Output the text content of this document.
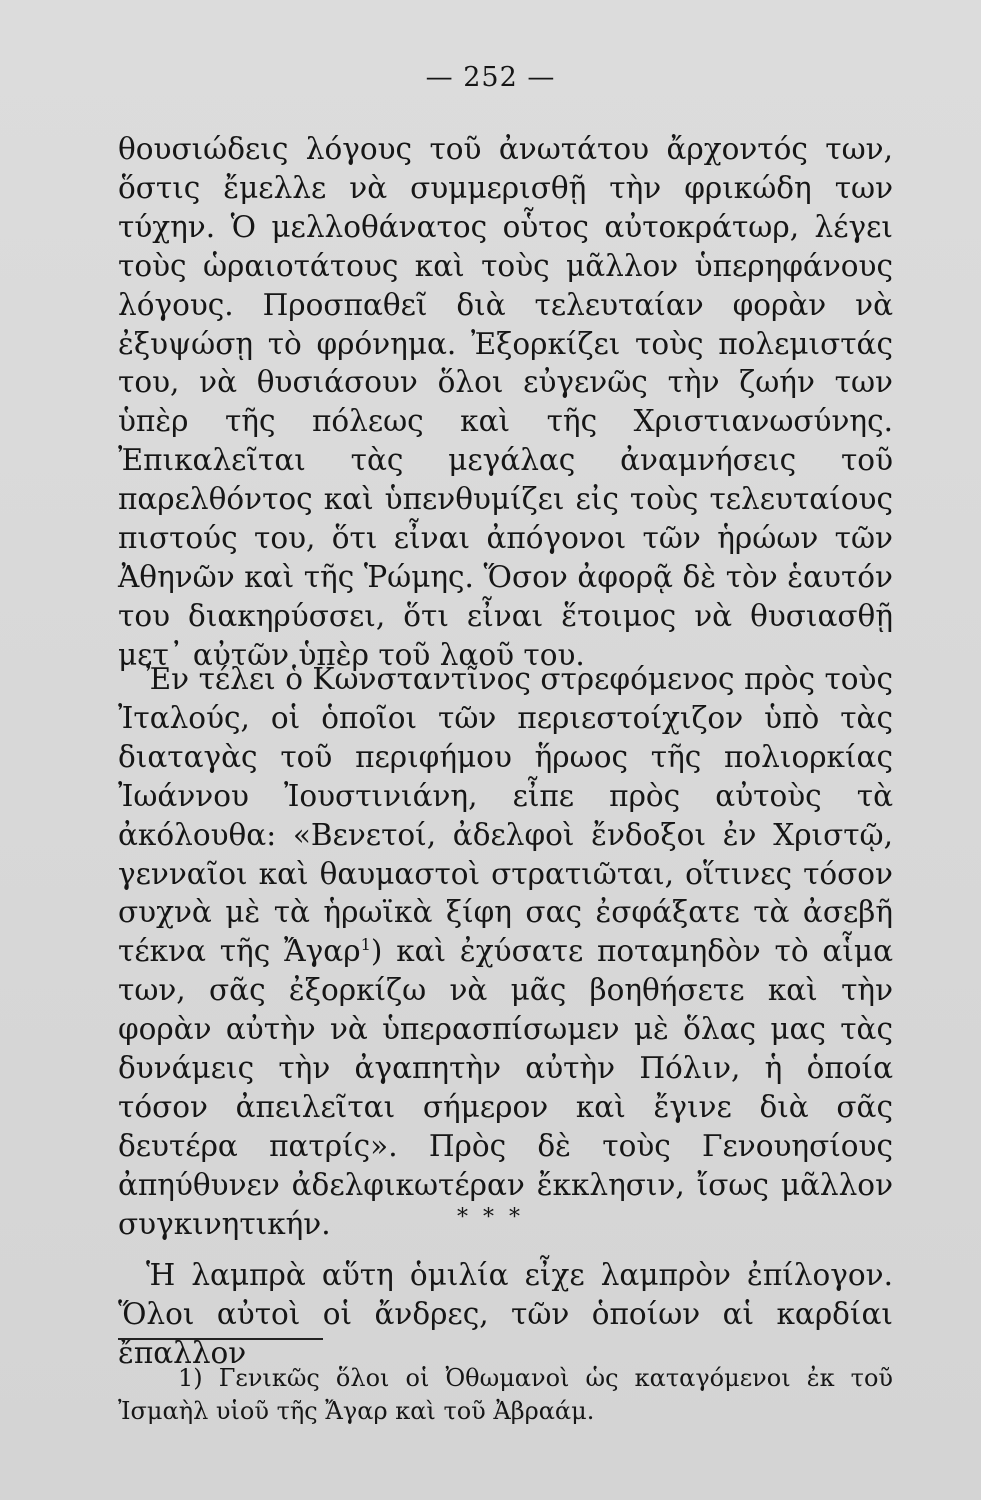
— 252 —

θουσιώδεις λόγους τοῦ ἀνωτάτου ἄρχοντός των, ὅστις ἔμελλε νὰ συμμερισθῇ τὴν φρικώδη των τύχην. Ὁ μελλοθάνατος οὗτος αὐτοκράτωρ, λέγει τοὺς ὡραιοτάτους καὶ τοὺς μᾶλλον ὑπερηφάνους λόγους. Προσπαθεῖ διὰ τελευταίαν φορὰν νὰ ἐξυψώσῃ τὸ φρόνημα. Ἐξορκίζει τοὺς πολεμιστάς του, νὰ θυσιάσουν ὅλοι εὐγενῶς τὴν ζωήν των ὑπὲρ τῆς πόλεως καὶ τῆς Χριστιανωσύνης. Ἐπικαλεῖται τὰς μεγάλας ἀναμνήσεις τοῦ παρελθόντος καὶ ὑπενθυμίζει εἰς τοὺς τελευταίους πιστούς του, ὅτι εἶναι ἀπόγονοι τῶν ἡρώων τῶν Ἀθηνῶν καὶ τῆς Ῥώμης. Ὅσον ἀφορᾷ δὲ τὸν ἑαυτόν του διακηρύσσει, ὅτι εἶναι ἕτοιμος νὰ θυσιασθῇ μετ᾽ αὐτῶν ὑπὲρ τοῦ λαοῦ του.

Ἐν τέλει ὁ Κωνσταντῖνος στρεφόμενος πρὸς τοὺς Ἰταλούς, οἱ ὁποῖοι τῶν περιεστοίχιζον ὑπὸ τὰς διαταγὰς τοῦ περιφήμου ἥρωος τῆς πολιορκίας Ἰωάννου Ἰουστινιάνη, εἶπε πρὸς αὐτοὺς τὰ ἀκόλουθα: «Βενετοί, ἀδελφοὶ ἔνδοξοι ἐν Χριστῷ, γενναῖοι καὶ θαυμαστοὶ στρατιῶται, οἵτινες τόσον συχνὰ μὲ τὰ ἡρωϊκὰ ξίφη σας ἐσφάξατε τὰ ἀσεβῆ τέκνα τῆς Ἄγαρ$^1$) καὶ ἐχύσατε ποταμηδὸν τὸ αἷμα των, σᾶς ἐξορκίζω νὰ μᾶς βοηθήσετε καὶ τὴν φορὰν αὐτὴν νὰ ὑπερασπίσωμεν μὲ ὅλας μας τὰς δυνάμεις τὴν ἀγαπητὴν αὐτὴν Πόλιν, ἡ ὁποία τόσον ἀπειλεῖται σήμερον καὶ ἔγινε διὰ σᾶς δευτέρα πατρίς». Πρὸς δὲ τοὺς Γενουησίους ἀπηύθυνεν ἀδελφικωτέραν ἔκκλησιν, ἴσως μᾶλλον συγκινητικήν.	* * *

Ἡ λαμπρὰ αὕτη ὁμιλία εἶχε λαμπρὸν ἐπίλογον. Ὅλοι αὐτοὶ οἱ ἄνδρες, τῶν ὁποίων αἱ καρδίαι ἔπαλλον

1) Γενικῶς ὅλοι οἱ Ὀθωμανοὶ ὡς καταγόμενοι ἐκ τοῦ Ἰσμαὴλ υἱοῦ τῆς Ἄγαρ καὶ τοῦ Ἀβραάμ.
